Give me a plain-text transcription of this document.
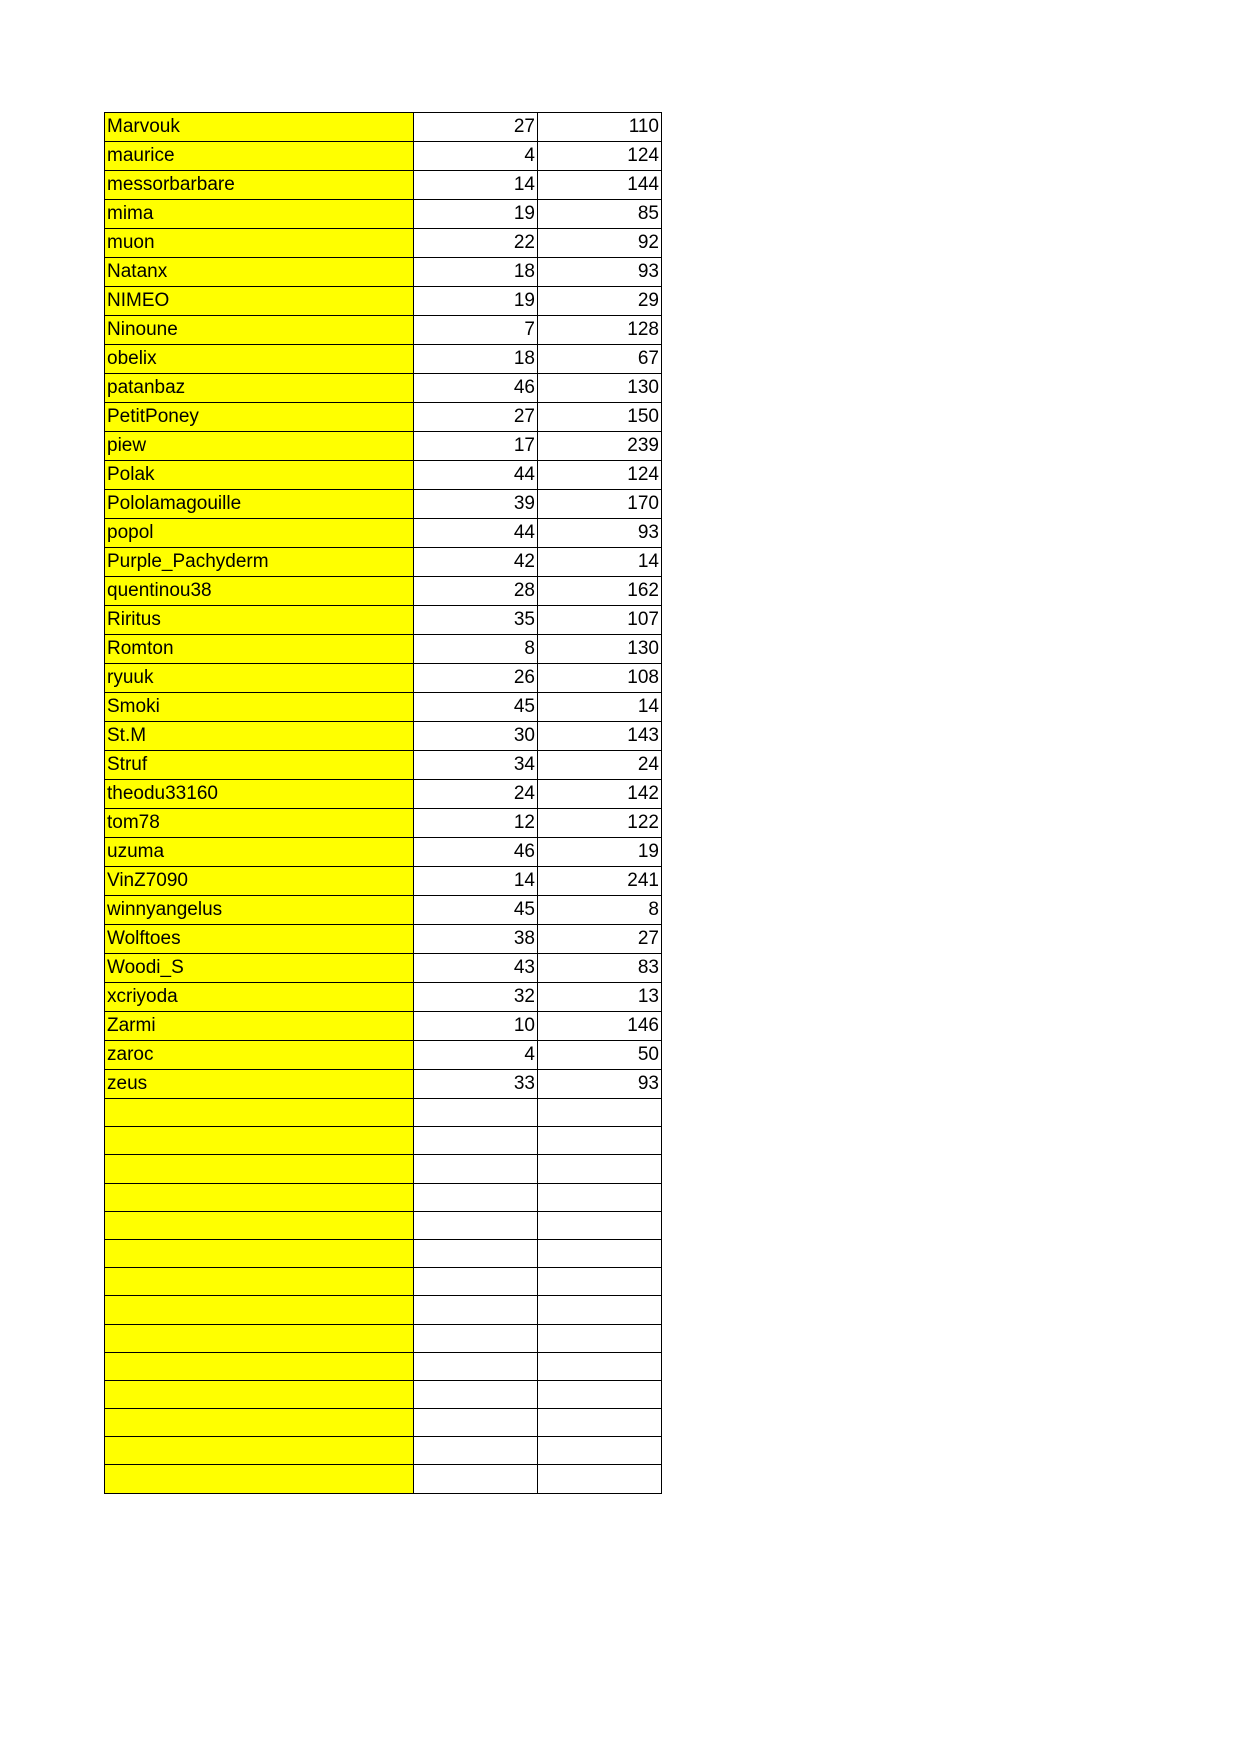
Marvouk	27	110
maurice	4	124
messorbarbare	14	144
mima	19	85
muon	22	92
Natanx	18	93
NIMEO	19	29
Ninoune	7	128
obelix	18	67
patanbaz	46	130
PetitPoney	27	150
piew	17	239
Polak	44	124
Pololamagouille	39	170
popol	44	93
Purple_Pachyderm	42	14
quentinou38	28	162
Riritus	35	107
Romton	8	130
ryuuk	26	108
Smoki	45	14
St.M	30	143
Struf	34	24
theodu33160	24	142
tom78	12	122
uzuma	46	19
VinZ7090	14	241
winnyangelus	45	8
Wolftoes	38	27
Woodi_S	43	83
xcriyoda	32	13
Zarmi	10	146
zaroc	4	50
zeus	33	93
